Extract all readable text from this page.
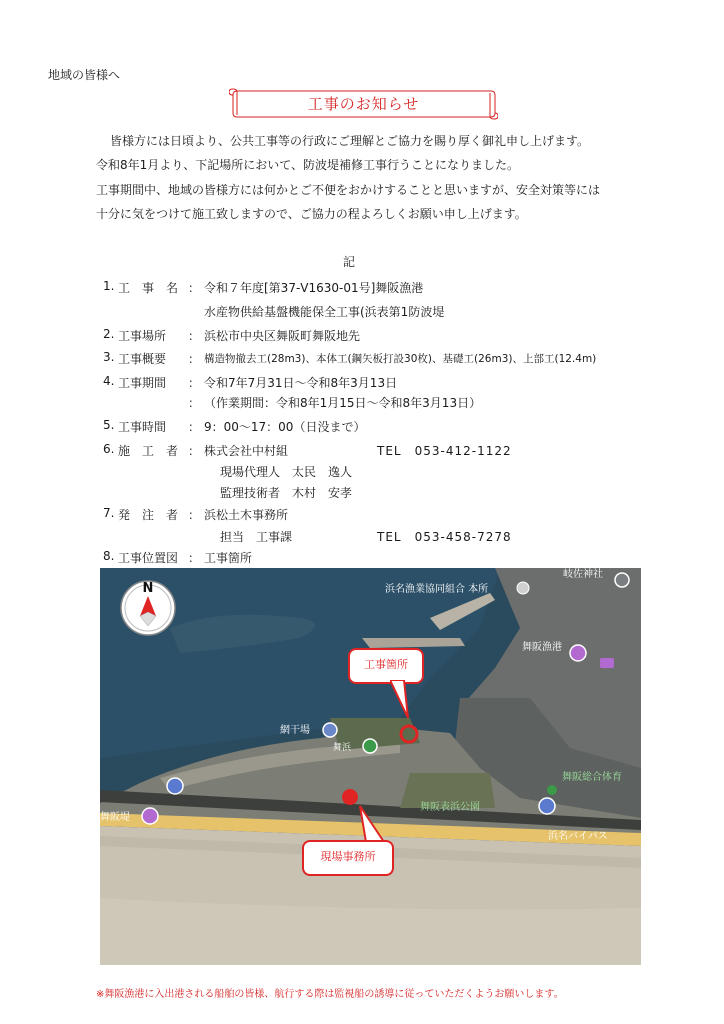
地域の皆様へ
工事のお知らせ
皆様方には日頃より、公共工事等の行政にご理解とご協力を賜り厚く御礼申し上げます。
令和8年1月より、下記場所において、防波堤補修工事行うことになりました。
工事期間中、地域の皆様方には何かとご不便をおかけすることと思いますが、安全対策等には
十分に気をつけて施工致しますので、ご協力の程よろしくお願い申し上げます。
記
1. 工　事　名 ： 令和７年度[第37-V1630-01号]舞阪漁港
水産物供給基盤機能保全工事(浜表第1防波堤
2. 工事場所 ： 浜松市中央区舞阪町舞阪地先
3. 工事概要 ： 構造物撤去工(28m3)、本体工(鋼矢板打設30枚)、基礎工(26m3)、上部工(12.4m)
4. 工事期間 ： 令和7年7月31日～令和8年3月13日
： （作業期間：令和8年1月15日～令和8年3月13日）
5. 工事時間 ： 9：00～17：00（日没まで）
6. 施　工　者 ： 株式会社中村組	TEL　053-412-1122
現場代理人　太民　逸人
監理技術者　木村　安孝
7. 発　注　者 ： 浜松土木事務所
担当　工事課	TEL　053-458-7278
8. 工事位置図 ： 工事箇所
浜名漁業協同組合 本所
岐佐神社
舞阪漁港
網干場
舞浜
舞阪総合体育
舞阪表浜公園
浜名バイパス
舞阪堤
N
工事箇所
現場事務所
※舞阪漁港に入出港される船舶の皆様、航行する際は監視船の誘導に従っていただくようお願いします。
